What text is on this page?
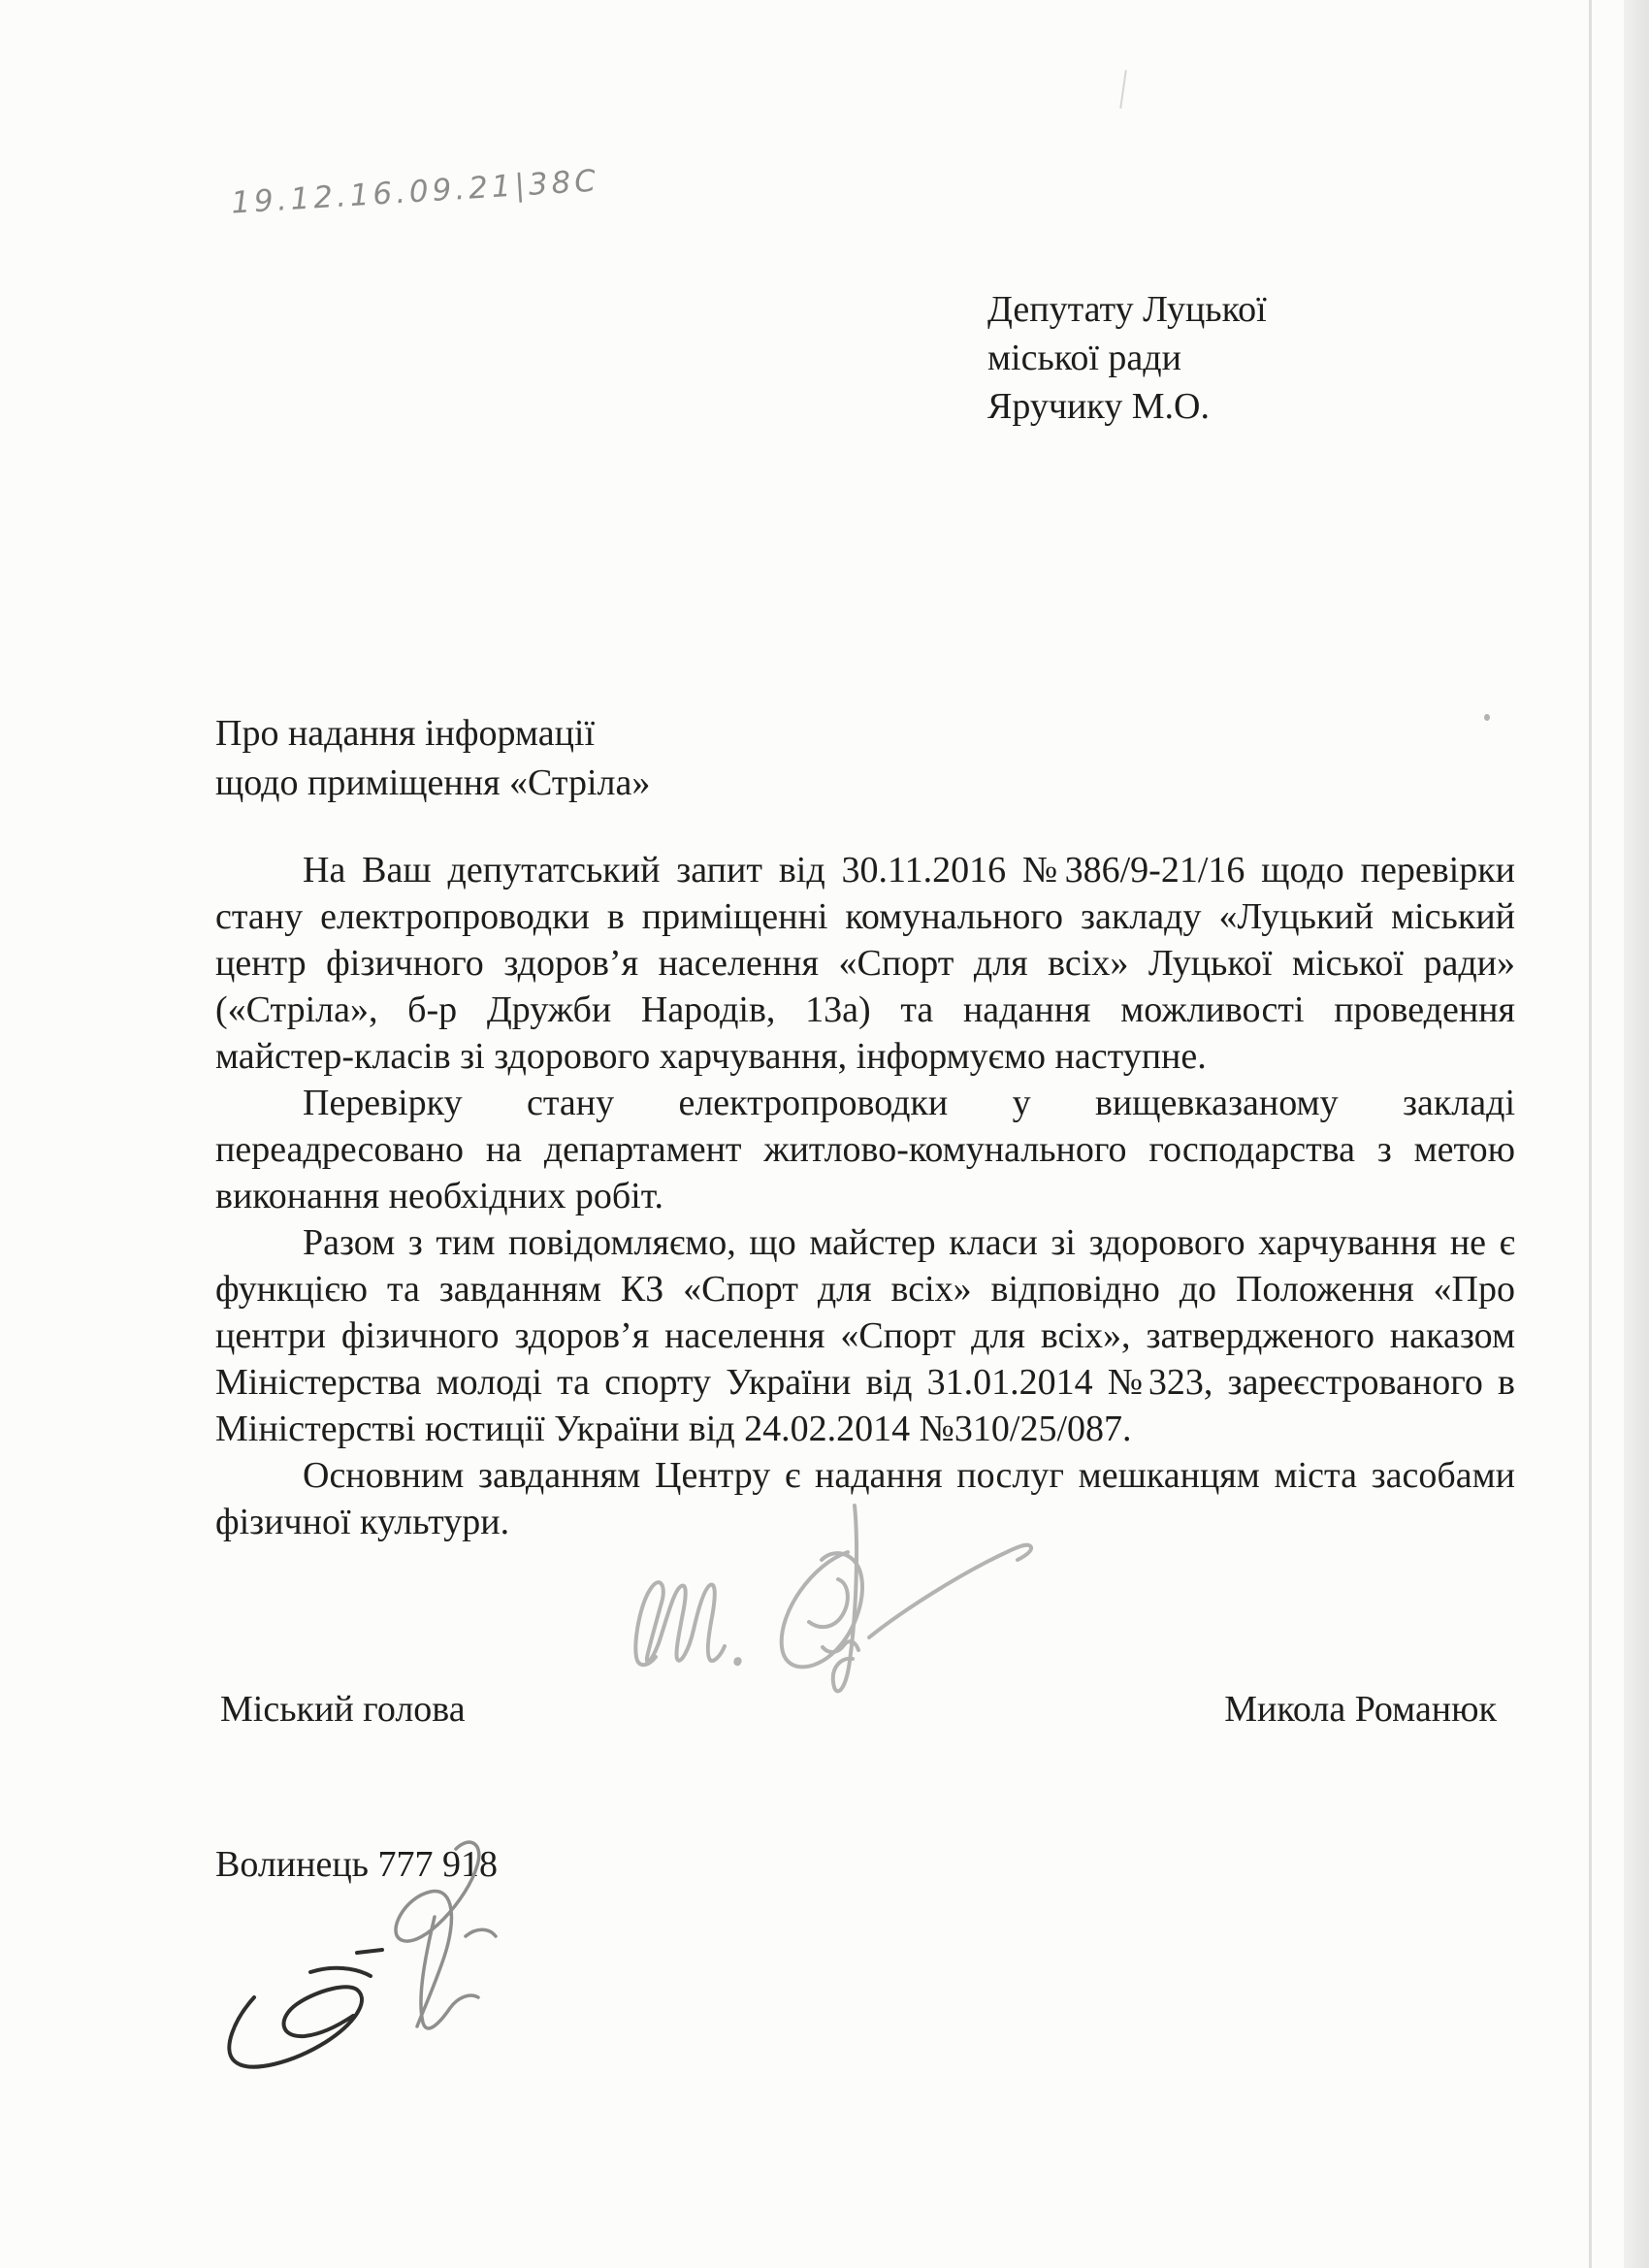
19.12.16.09.21|38С
Депутату Луцької
міської ради
Яручику М.О.
Про надання інформації
щодо приміщення «Стріла»
На Ваш депутатський запит від 30.11.2016 №386/9-21/16 щодо перевірки
стану електропроводки в приміщенні комунального закладу «Луцький міський
центр фізичного здоров’я населення «Спорт для всіх» Луцької міської ради»
(«Стріла», б-р Дружби Народів, 13а) та надання можливості проведення
майстер-класів зі здорового харчування, інформуємо наступне.
Перевірку стану електропроводки у вищевказаному закладі
переадресовано на департамент житлово-комунального господарства з метою
виконання необхідних робіт.
Разом з тим повідомляємо, що майстер класи зі здорового харчування не є
функцією та завданням КЗ «Спорт для всіх» відповідно до Положення «Про
центри фізичного здоров’я населення «Спорт для всіх», затвердженого наказом
Міністерства молоді та спорту України від 31.01.2014 №323, зареєстрованого в
Міністерстві юстиції України від 24.02.2014 №310/25/087.
Основним завданням Центру є надання послуг мешканцям міста засобами
фізичної культури.
Міський голова	Микола Романюк
Волинець 777 918
